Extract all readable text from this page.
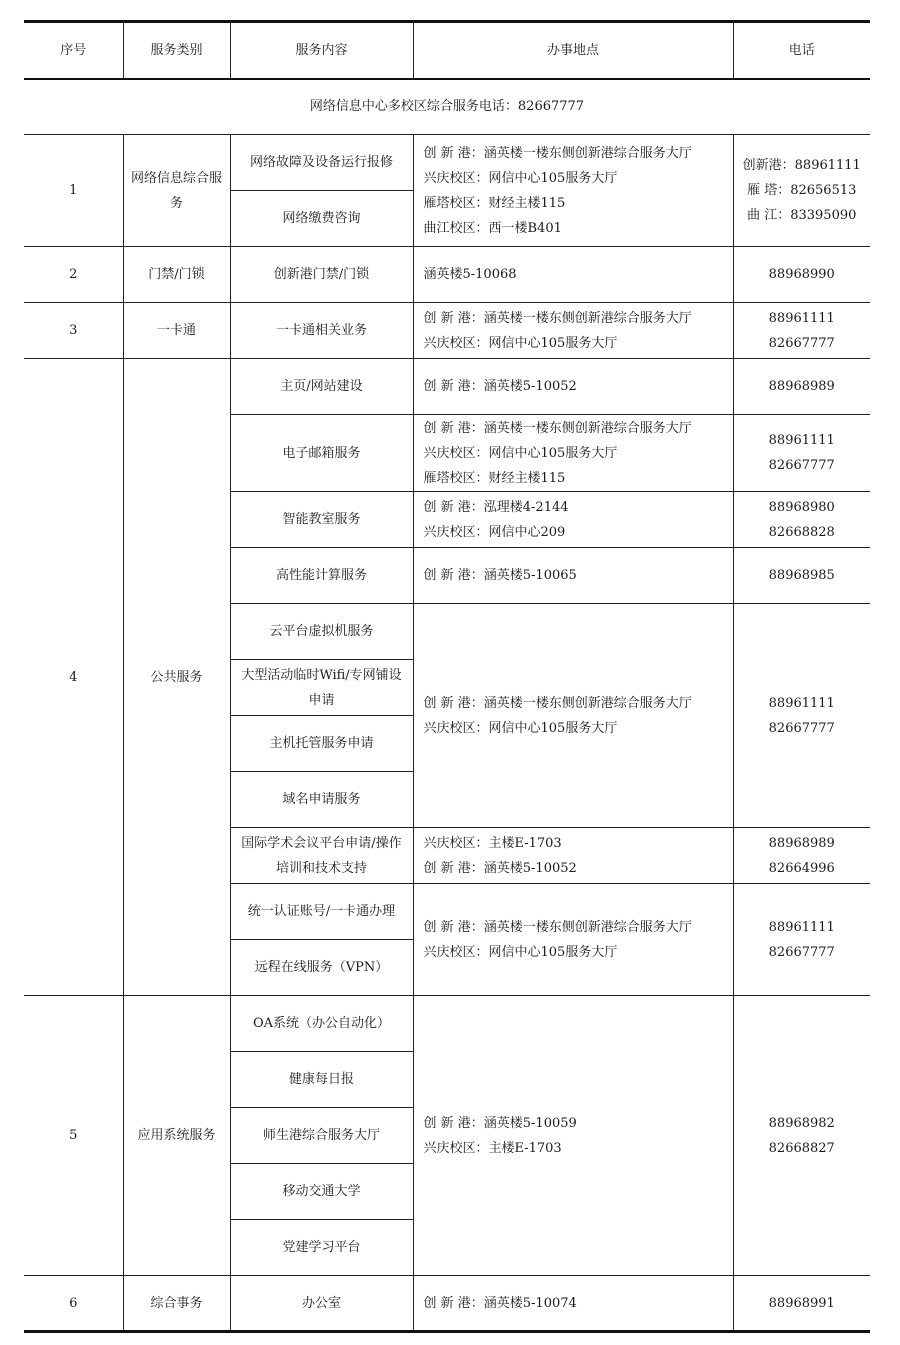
序号	服务类别	服务内容	办事地点	电话
网络信息中心多校区综合服务电话：82667777				
1	网络信息综合服务	网络故障及设备运行报修	创 新 港：涵英楼一楼东侧创新港综合服务大厅
兴庆校区：网信中心105服务大厅
雁塔校区：财经主楼115
曲江校区：西一楼B401	创新港：88961111
雁 塔：82656513
曲 江：83395090

		网络缴费咨询		
2	门禁/门锁	创新港门禁/门锁	涵英楼5-10068	88968990

3	一卡通	一卡通相关业务	创 新 港：涵英楼一楼东侧创新港综合服务大厅
兴庆校区：网信中心105服务大厅	88961111
82667777

4	公共服务	主页/网站建设	创 新 港：涵英楼5-10052	88968989

		电子邮箱服务	创 新 港：涵英楼一楼东侧创新港综合服务大厅
兴庆校区：网信中心105服务大厅
雁塔校区：财经主楼115	88961111
82667777

		智能教室服务	创 新 港：泓理楼4-2144
兴庆校区：网信中心209	88968980
82668828

		高性能计算服务	创 新 港：涵英楼5-10065	88968985

		云平台虚拟机服务	创 新 港：涵英楼一楼东侧创新港综合服务大厅
兴庆校区：网信中心105服务大厅	88961111
82667777

		大型活动临时Wifi/专网铺设申请		
		主机托管服务申请		
		域名申请服务		
		国际学术会议平台申请/操作培训和技术支持	兴庆校区：主楼E-1703
创 新 港：涵英楼5-10052	88968989
82664996

		统一认证账号/一卡通办理	创 新 港：涵英楼一楼东侧创新港综合服务大厅
兴庆校区：网信中心105服务大厅	88961111
82667777

		远程在线服务（VPN）		

5	应用系统服务	OA系统（办公自动化）	创 新 港：涵英楼5-10059
兴庆校区：主楼E-1703	88968982
82668827

		健康每日报		
		师生港综合服务大厅		
		移动交通大学		
		党建学习平台		
6	综合事务	办公室	创 新 港：涵英楼5-10074	88968991
